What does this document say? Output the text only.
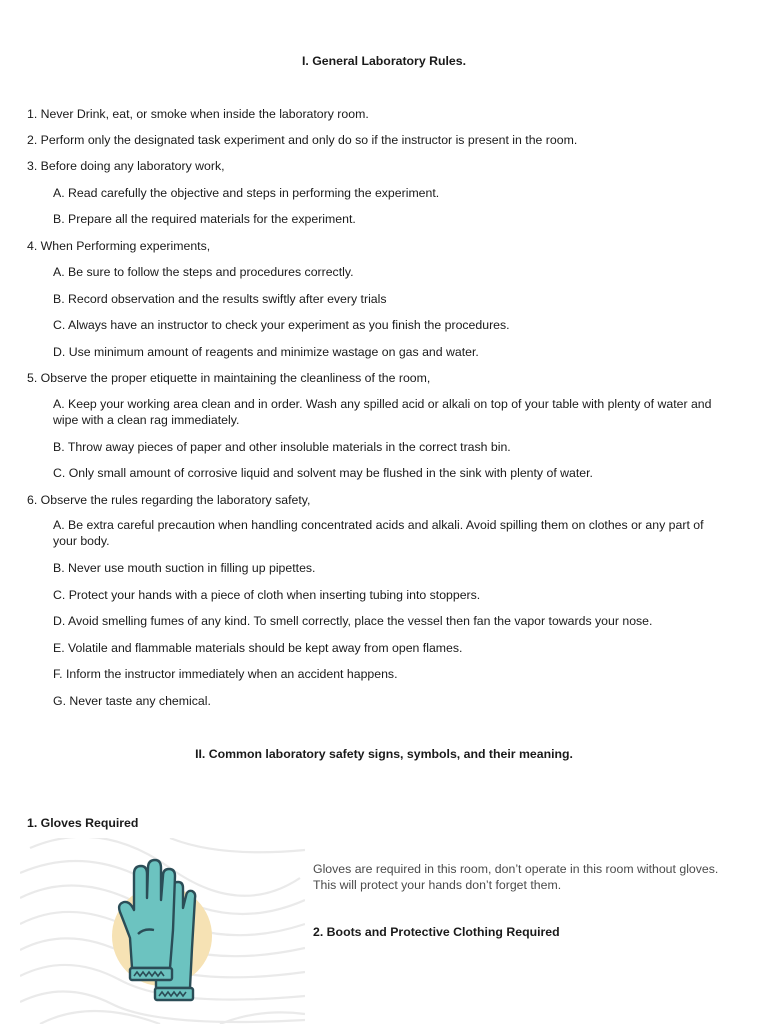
I. General Laboratory Rules.
1. Never Drink, eat, or smoke when inside the laboratory room.
2. Perform only the designated task experiment and only do so if the instructor is present in the room.
3. Before doing any laboratory work,
A. Read carefully the objective and steps in performing the experiment.
B. Prepare all the required materials for the experiment.
4. When Performing experiments,
A. Be sure to follow the steps and procedures correctly.
B. Record observation and the results swiftly after every trials
C. Always have an instructor to check your experiment as you finish the procedures.
D. Use minimum amount of reagents and minimize wastage on gas and water.
5. Observe the proper etiquette in maintaining the cleanliness of the room,
A. Keep your working area clean and in order. Wash any spilled acid or alkali on top of your table with plenty of water and wipe with a clean rag immediately.
B. Throw away pieces of paper and other insoluble materials in the correct trash bin.
C. Only small amount of corrosive liquid and solvent may be flushed in the sink with plenty of water.
6. Observe the rules regarding the laboratory safety,
A. Be extra careful precaution when handling concentrated acids and alkali. Avoid spilling them on clothes or any part of your body.
B. Never use mouth suction in filling up pipettes.
C. Protect your hands with a piece of cloth when inserting tubing into stoppers.
D. Avoid smelling fumes of any kind. To smell correctly, place the vessel then fan the vapor towards your nose.
E. Volatile and flammable materials should be kept away from open flames.
F. Inform the instructor immediately when an accident happens.
G. Never taste any chemical.
II. Common laboratory safety signs, symbols, and their meaning.
1. Gloves Required
Gloves are required in this room, don’t operate in this room without gloves. This will protect your hands don’t forget them.
2. Boots and Protective Clothing Required
